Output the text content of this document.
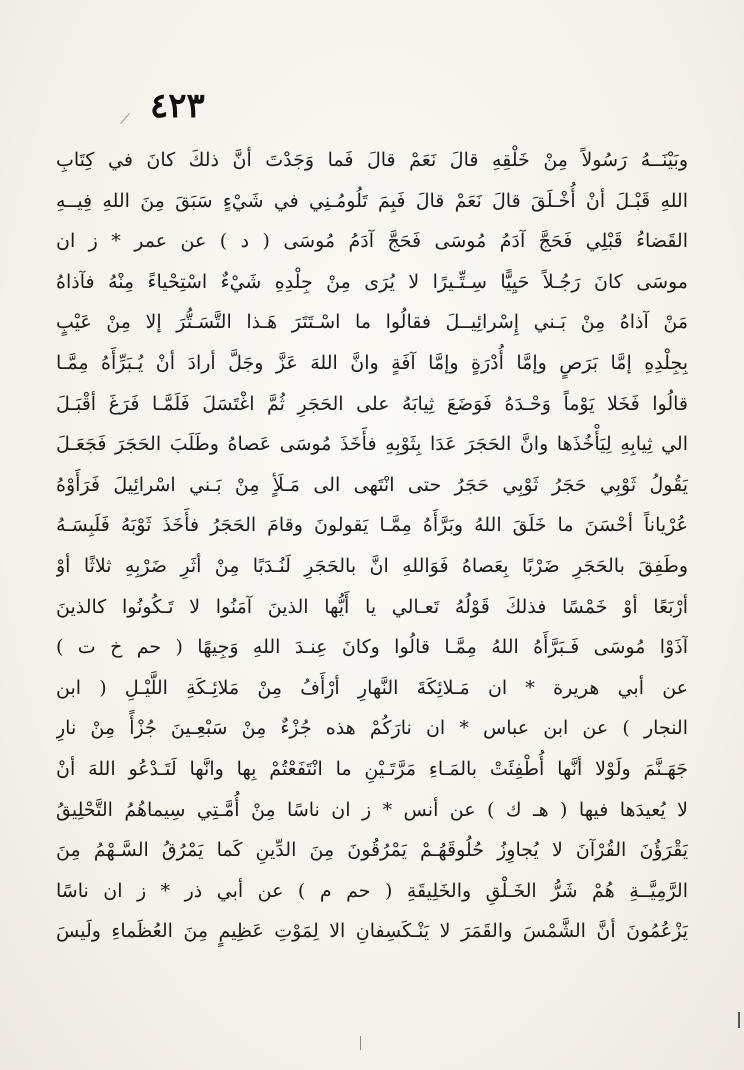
٤٢٣
وبَيْنَــهُ رَسُولاً مِنْ خَلْقِهِ قالَ نَعَمْ قالَ فَما وَجَدْتَ أنَّ ذلكَ كانَ في كِتَابِ
اللهِ قَبْـلَ أنْ أُخْـلَقَ قالَ نَعَمْ قالَ فَبِمَ تَلُومُـنِي في شَيْءٍ سَبَقَ مِنَ اللهِ فِيــهِ
القَضاءُ قَبْلِي فَحَجَّ آدَمُ مُوسَى فَحَجَّ آدَمُ مُوسَى ( د ) عن عمر * ز ان
موسَى كانَ رَجُـلاً حَيِيًّا سِـتِّـيرًا لا يُرَى مِنْ جِلْدِهِ شَيْءٌ اسْتِحْياءً مِنْهُ فآذاهُ
مَنْ آذاهُ مِنْ بَـني إِسْرائِيــلَ فقالُوا ما اسْـتَتَرَ هَـذا التَّسَـتُّرَ إلا مِنْ عَيْبٍ
بِجِلْدِهِ إمَّا بَرَصٍ وإمَّا أُدْرَةٍ وإمَّا آفَةٍ وانَّ اللهَ عَزَّ وجَلَّ أرادَ أنْ يُـبَرِّأَهُ مِمَّـا
قالُوا فَخَلا يَوْماً وَحْـدَهُ فَوَضَعَ ثِيابَهُ على الحَجَرِ ثُمَّ اغْتَسَلَ فَلَمَّـا فَرَغَ أقْبَـلَ
الي ثِيابِهِ لِيَأْخُذَها وانَّ الحَجَرَ عَدَا بِثَوْبِهِ فأَخَذَ مُوسَى عَصاهُ وطَلَبَ الحَجَرَ فَجَعَـلَ
يَقُولُ ثَوْبِي حَجَرُ ثَوْبِي حَجَرُ حتى انْتَهى الى مَـلَأٍ مِنْ بَـني اسْرائِيلَ فَرَأَوْهُ
عُرْياناً أحْسَنَ ما خَلَقَ اللهُ وبَرَّأَهُ مِمَّـا يَقولونَ وقامَ الحَجَرُ فأَخَذَ ثَوْبَهُ فَلَبِسَـهُ
وطَفِقَ بالحَجَرِ ضَرْبًا بِعَصاهُ فَوَاللهِ انَّ بالحَجَرِ لَنُـدَبًا مِنْ أثَرِ ضَرْبِهِ ثلاثًا أوْ
أرْبَعًا أوْ خَمْسًا فذلكَ قَوْلُهُ تَعـالي يا أَيُّها الذينَ آمَنُوا لا تَـكُونُوا كالذينَ
آذَوْا مُوسَى فَـبَرَّأَهُ اللهُ مِمَّـا قالُوا وكانَ عِنـدَ اللهِ وَجِيهًا ( حم خ ت )
عن أبي هريرة * ان مَـلائِكَةَ النَّهارِ أرْأَفُ مِنْ مَلائِـكَةِ اللَّيْـلِ ( ابن
النجار ) عن ابن عباس * ان نارَكُمْ هذه جُزْءٌ مِنْ سَبْعِـينَ جُزْأً مِنْ نارِ
جَهَـنَّمَ ولَوْلا أنَّها أُطْفِئَتْ بالمَـاءِ مَرَّتَـيْنِ ما انْتَفَعْتُمْ بِها وانَّها لَتَـدْعُو اللهَ أنْ
لا يُعيدَها فيها ( هـ ك ) عن أنس * ز ان ناسًا مِنْ أُمَّـتِي سِيماهُمُ التَّحْلِيقُ
يَقْرَؤُنَ القُرْآنَ لا يُجاوِزُ حُلُوقَهُـمْ يَمْرُقُونَ مِنَ الدِّينِ كَما يَمْرُقُ السَّـهْمُ مِنَ
الرَّمِيَّــةِ هُمْ شَرُّ الخَـلْقِ والخَلِيقَةِ ( حم م ) عن أبي ذر * ز ان ناسًا
يَزْعُمُونَ أنَّ الشَّمْسَ والقَمَرَ لا يَنْـكَسِفانِ الا لِمَوْتِ عَظِيمٍ مِنَ العُظَماءِ ولَيسَ
